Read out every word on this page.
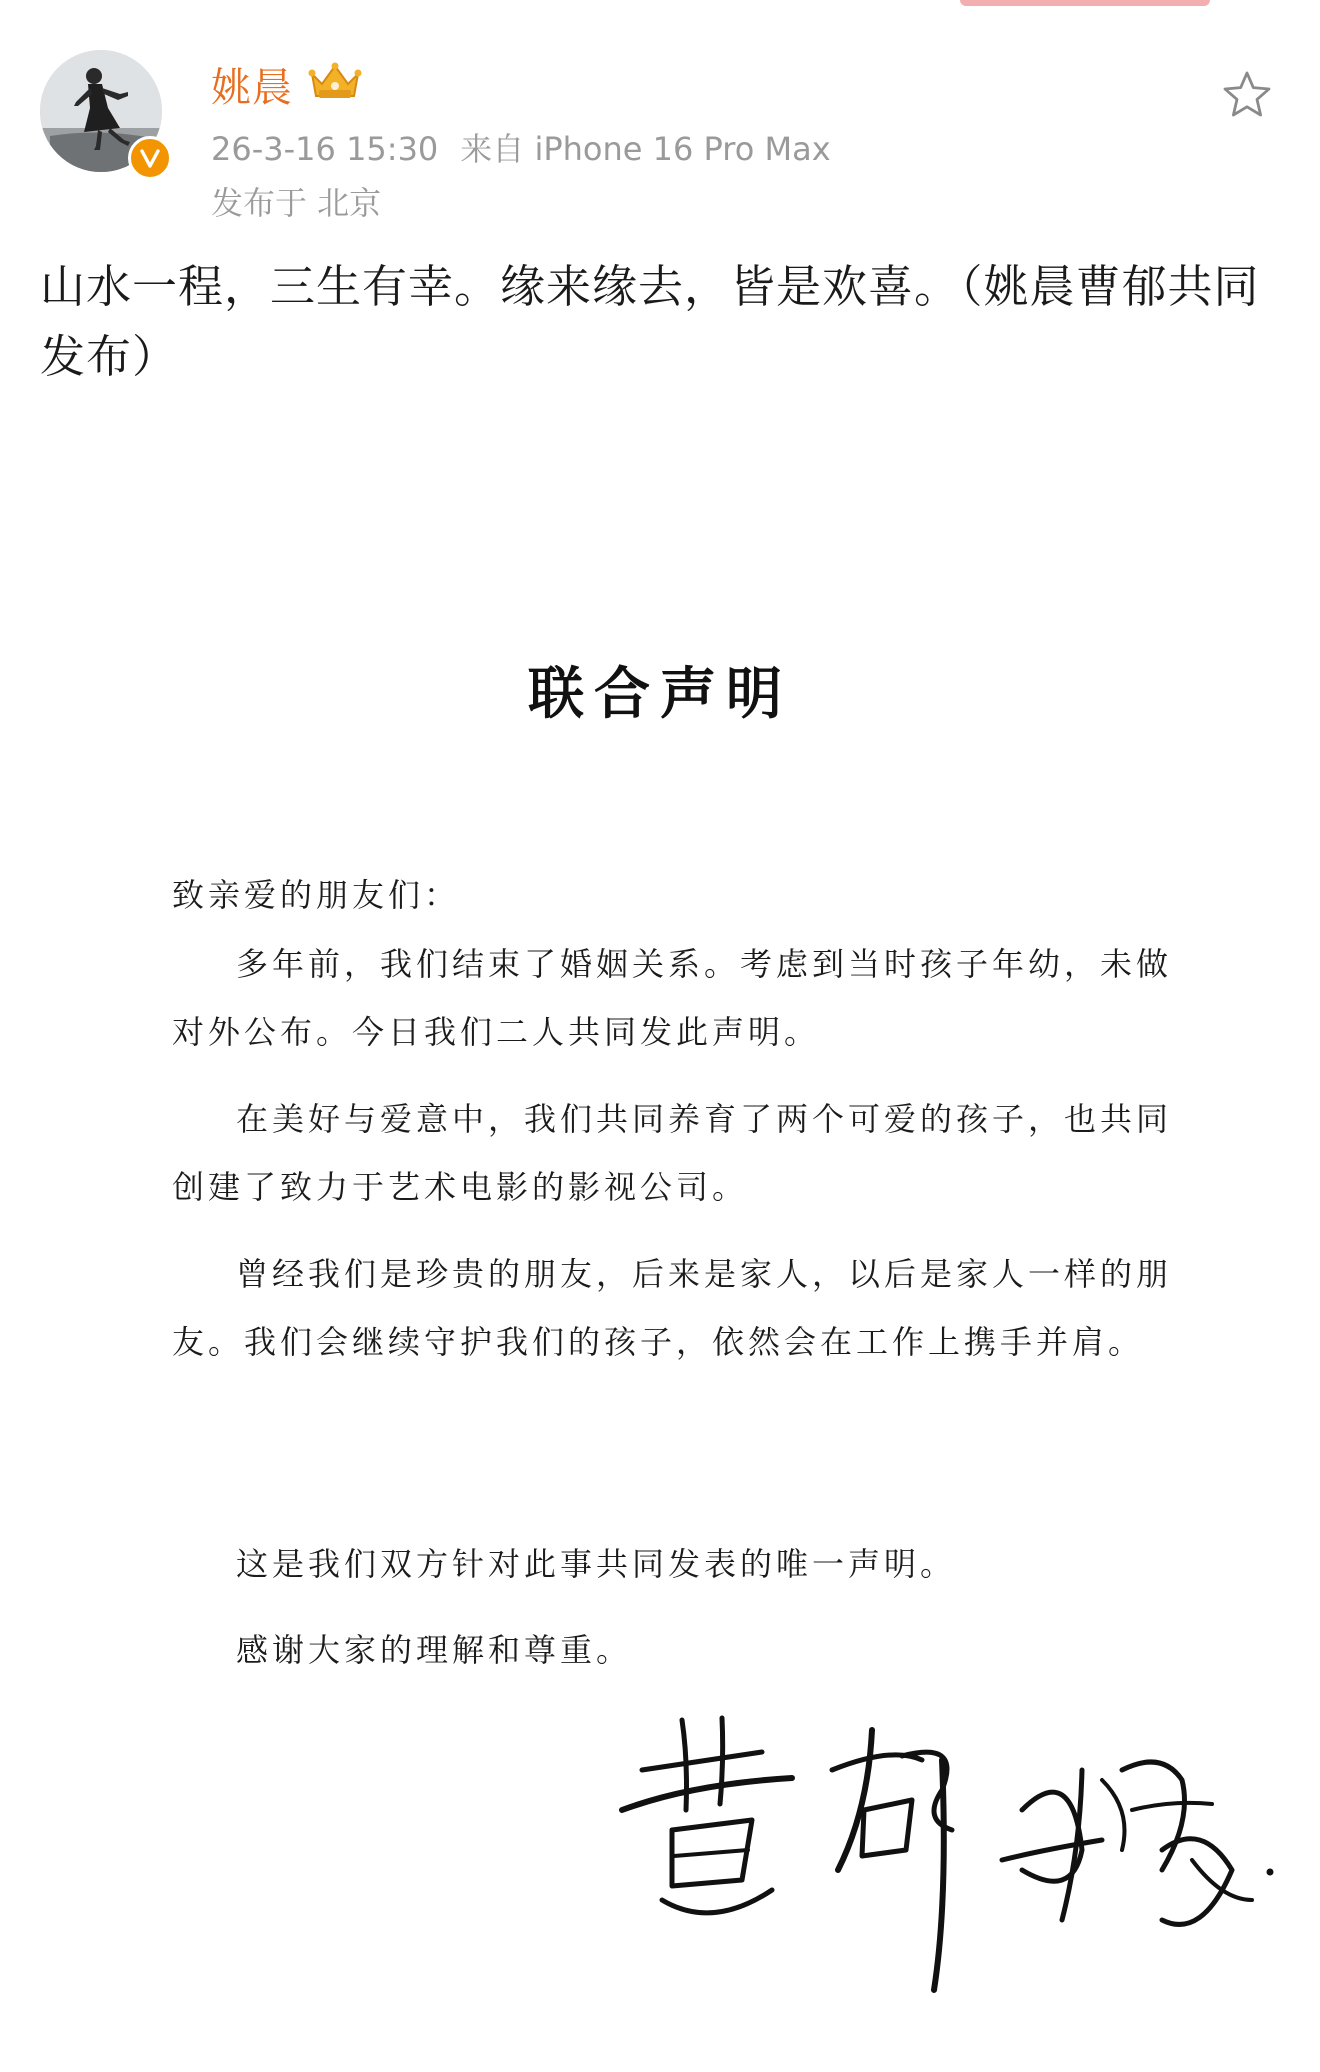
姚晨
26-3-16 15:30 来自 iPhone 16 Pro Max
发布于 北京
山水一程，三生有幸。缘来缘去，皆是欢喜。（姚晨曹郁共同发布）
联合声明
致亲爱的朋友们：
多年前，我们结束了婚姻关系。考虑到当时孩子年幼，未做对外公布。今日我们二人共同发此声明。
在美好与爱意中，我们共同养育了两个可爱的孩子，也共同创建了致力于艺术电影的影视公司。
曾经我们是珍贵的朋友，后来是家人，以后是家人一样的朋友。我们会继续守护我们的孩子，依然会在工作上携手并肩。
这是我们双方针对此事共同发表的唯一声明。
感谢大家的理解和尊重。
